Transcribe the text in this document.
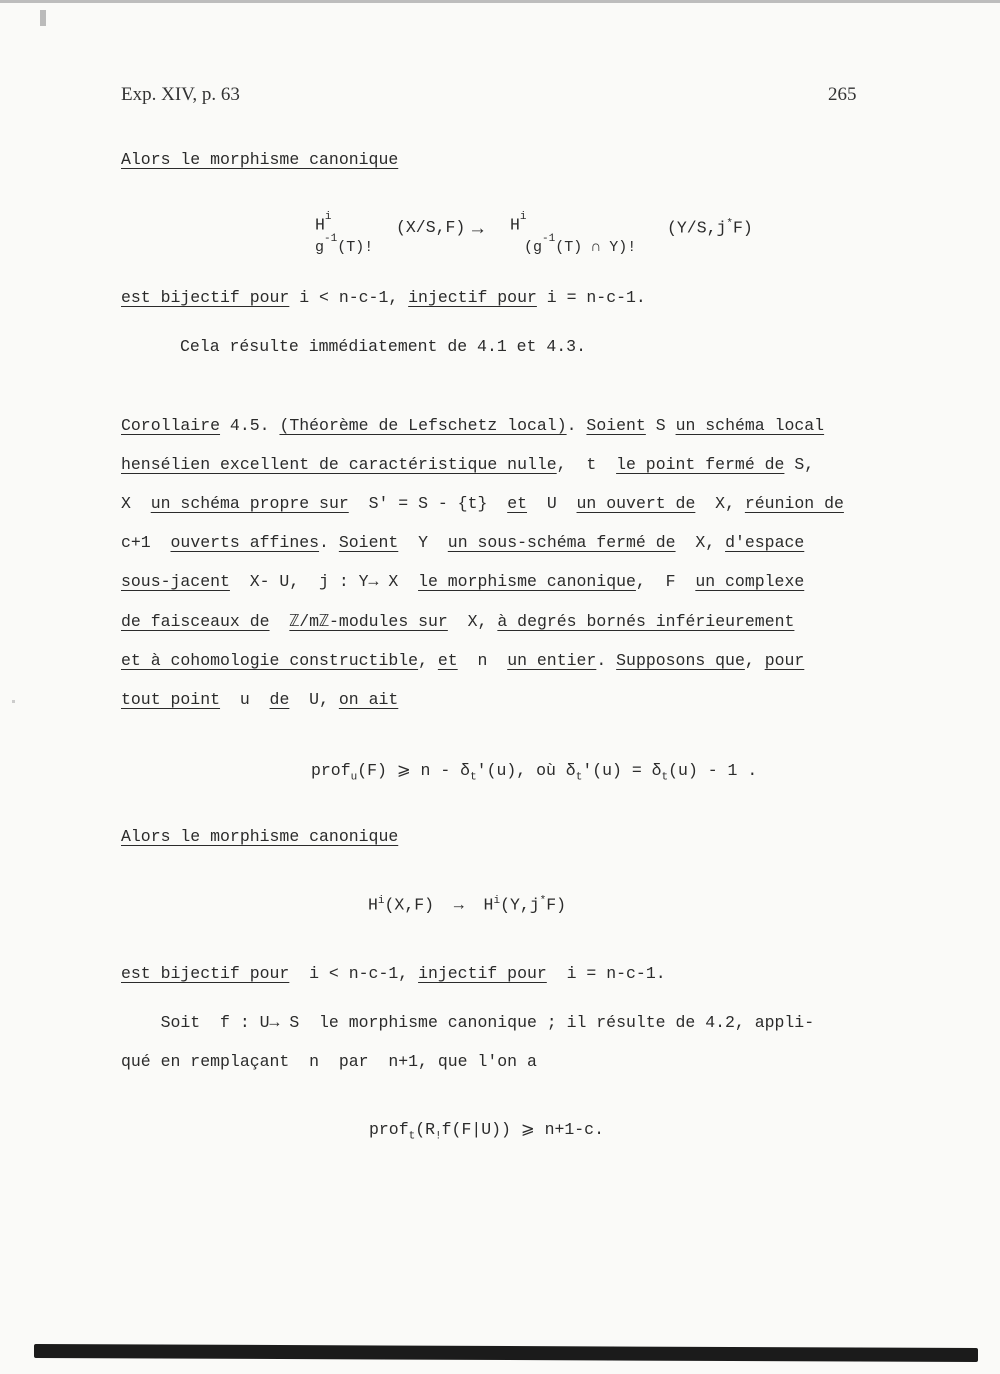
Exp. XIV, p. 63	265
Alors le morphisme canonique
$H^i$
$g^{-1}(T)$!
$(X/S,F) \to H^i$
($g^{-1}(T)$ ∩ Y)!
(Y/S,j*F)
est bijectif pour i < n-c-1, injectif pour i = n-c-1.
Cela résulte immédiatement de 4.1 et 4.3.
Corollaire 4.5. (Théorème de Lefschetz local). Soient S un schéma local
hensélien excellent de caractéristique nulle,  t  le point fermé de S,
X  un schéma propre sur  S' = S - {t}  et  U  un ouvert de  X, réunion de
c+1  ouverts affines. Soient  Y  un sous-schéma fermé de  X, d'espace
sous-jacent  X- U,  j : Y→ X  le morphisme canonique,  F  un complexe
de faisceaux de ℤ/mℤ-modules sur  X, à degrés bornés inférieurement
et à cohomologie constructible, et  n  un entier. Supposons que, pour
tout point  u  de  U, on ait
prof$_u$(F) ⩾ n - $\delta_t'(u)$, où $\delta_t'(u) = \delta_t(u) - 1$ .
Alors le morphisme canonique
$H^i(X,F) \to H^i(Y,j^*F)$
est bijectif pour  i < n-c-1, injectif pour  i = n-c-1.
Soit  f : U→ S  le morphisme canonique ; il résulte de 4.2, appli-
qué en remplaçant  n  par  n+1, que l'on a
$prof_t(R_!f(F|U))$ ⩾ n+1-c.
